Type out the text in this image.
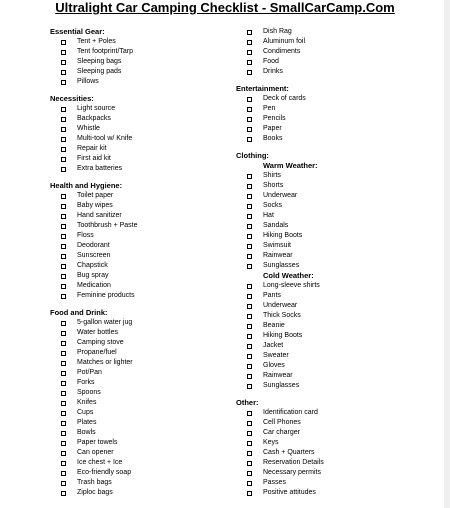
Ultralight Car Camping Checklist - SmallCarCamp.Com
Essential Gear:
Tent + Poles
Tent footprint/Tarp
Sleeping bags
Sleeping pads
Pillows
Necessities:
Light source
Backpacks
Whistle
Multi-tool w/ Knife
Repair kit
First aid kit
Extra batteries
Health and Hygiene:
Toilet paper
Baby wipes
Hand sanitizer
Toothbrush + Paste
Floss
Deodorant
Sunscreen
Chapstick
Bug spray
Medication
Feminine products
Food and Drink:
5-gallon water jug
Water bottles
Camping stove
Propane/fuel
Matches or lighter
Pot/Pan
Forks
Spoons
Knifes
Cups
Plates
Bowls
Paper towels
Can opener
Ice chest + Ice
Eco-friendly soap
Trash bags
Ziploc bags
Dish Rag
Aluminum foil
Condiments
Food
Drinks
Entertainment:
Deck of cards
Pen
Pencils
Paper
Books
Clothing:
Warm Weather:
Shirts
Shorts
Underwear
Socks
Hat
Sandals
Hiking Boots
Swimsuit
Rainwear
Sunglasses
Cold Weather:
Long-sleeve shirts
Pants
Underwear
Thick Socks
Beanie
Hiking Boots
Jacket
Sweater
Gloves
Rainwear
Sunglasses
Other:
Identification card
Cell Phones
Car charger
Keys
Cash + Quarters
Reservation Details
Necessary permits
Passes
Positive attitudes
